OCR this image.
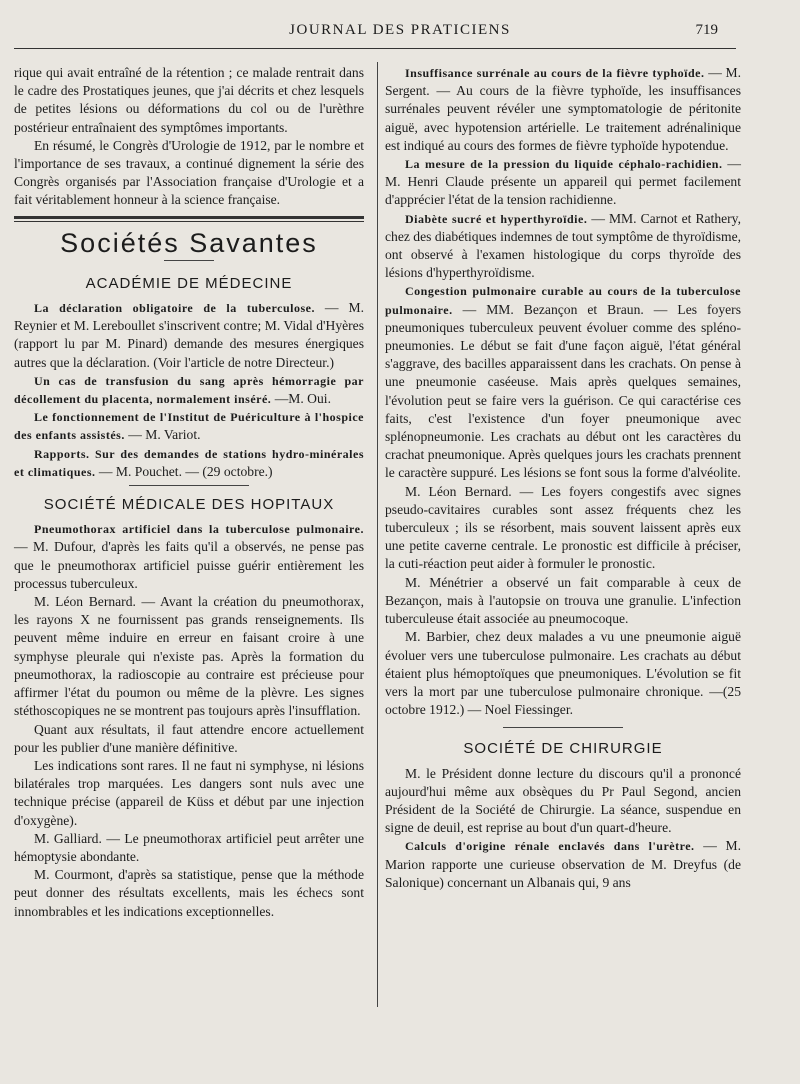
JOURNAL DES PRATICIENS	719

rique qui avait entraîné de la rétention ; ce malade rentrait dans le cadre des Prostatiques jeunes, que j'ai décrits et chez lesquels de petites lésions ou déformations du col ou de l'urèthre postérieur entraînaient des symptômes importants.

En résumé, le Congrès d'Urologie de 1912, par le nombre et l'importance de ses travaux, a continué dignement la série des Congrès organisés par l'Association française d'Urologie et a fait véritablement honneur à la science française.

Sociétés Savantes
ACADÉMIE DE MÉDECINE

La déclaration obligatoire de la tuberculose. — M. Reynier et M. Lereboullet s'inscrivent contre; M. Vidal d'Hyères (rapport lu par M. Pinard) demande des mesures énergiques autres que la déclaration. (Voir l'article de notre Directeur.)

Un cas de transfusion du sang après hémorragie par décollement du placenta, normalement inséré. —M. Oui.

Le fonctionnement de l'Institut de Puériculture à l'hospice des enfants assistés. — M. Variot.

Rapports. Sur des demandes de stations hydro-minérales et climatiques. — M. Pouchet. — (29 octobre.)

SOCIÉTÉ MÉDICALE DES HOPITAUX

Pneumothorax artificiel dans la tuberculose pulmonaire. — M. Dufour, d'après les faits qu'il a observés, ne pense pas que le pneumothorax artificiel puisse guérir entièrement les processus tuberculeux.

M. Léon Bernard. — Avant la création du pneumothorax, les rayons X ne fournissent pas grands renseignements. Ils peuvent même induire en erreur en faisant croire à une symphyse pleurale qui n'existe pas. Après la formation du pneumothorax, la radioscopie au contraire est précieuse pour affirmer l'état du poumon ou même de la plèvre. Les signes stéthoscopiques ne se montrent pas toujours après l'insufflation.

Quant aux résultats, il faut attendre encore actuellement pour les publier d'une manière définitive.

Les indications sont rares. Il ne faut ni symphyse, ni lésions bilatérales trop marquées. Les dangers sont nuls avec une technique précise (appareil de Küss et début par une injection d'oxygène).

M. Galliard. — Le pneumothorax artificiel peut arrêter une hémoptysie abondante.

M. Courmont, d'après sa statistique, pense que la méthode peut donner des résultats excellents, mais les échecs sont innombrables et les indications exceptionnelles.

Insuffisance surrénale au cours de la fièvre typhoïde. — M. Sergent. — Au cours de la fièvre typhoïde, les insuffisances surrénales peuvent révéler une symptomatologie de péritonite aiguë, avec hypotension artérielle. Le traitement adrénalinique est indiqué au cours des formes de fièvre typhoïde hypotendue.

La mesure de la pression du liquide céphalo-rachidien. — M. Henri Claude présente un appareil qui permet facilement d'apprécier l'état de la tension rachidienne.

Diabète sucré et hyperthyroïdie. — MM. Carnot et Rathery, chez des diabétiques indemnes de tout symptôme de thyroïdisme, ont observé à l'examen histologique du corps thyroïde des lésions d'hyperthyroïdisme.

Congestion pulmonaire curable au cours de la tuberculose pulmonaire. — MM. Bezançon et Braun. — Les foyers pneumoniques tuberculeux peuvent évoluer comme des spléno-pneumonies. Le début se fait d'une façon aiguë, l'état général s'aggrave, des bacilles apparaissent dans les crachats. On pense à une pneumonie caséeuse. Mais après quelques semaines, l'évolution peut se faire vers la guérison. Ce qui caractérise ces faits, c'est l'existence d'un foyer pneumonique avec splénopneumonie. Les crachats au début ont les caractères du crachat pneumonique. Après quelques jours les crachats prennent le caractère suppuré. Les lésions se font sous la forme d'alvéolite.

M. Léon Bernard. — Les foyers congestifs avec signes pseudo-cavitaires curables sont assez fréquents chez les tuberculeux ; ils se résorbent, mais souvent laissent après eux une petite caverne centrale. Le pronostic est difficile à préciser, la cuti-réaction peut aider à formuler le pronostic.

M. Ménétrier a observé un fait comparable à ceux de Bezançon, mais à l'autopsie on trouva une granulie. L'infection tuberculeuse était associée au pneumocoque.

M. Barbier, chez deux malades a vu une pneumonie aiguë évoluer vers une tuberculose pulmonaire. Les crachats au début étaient plus hémoptoïques que pneumoniques. L'évolution se fit vers la mort par une tuberculose pulmonaire chronique. —(25 octobre 1912.) — Noel Fiessinger.

SOCIÉTÉ DE CHIRURGIE

M. le Président donne lecture du discours qu'il a prononcé aujourd'hui même aux obsèques du Pr Paul Segond, ancien Président de la Société de Chirurgie. La séance, suspendue en signe de deuil, est reprise au bout d'un quart-d'heure.

Calculs d'origine rénale enclavés dans l'urètre. — M. Marion rapporte une curieuse observation de M. Dreyfus (de Salonique) concernant un Albanais qui, 9 ans
